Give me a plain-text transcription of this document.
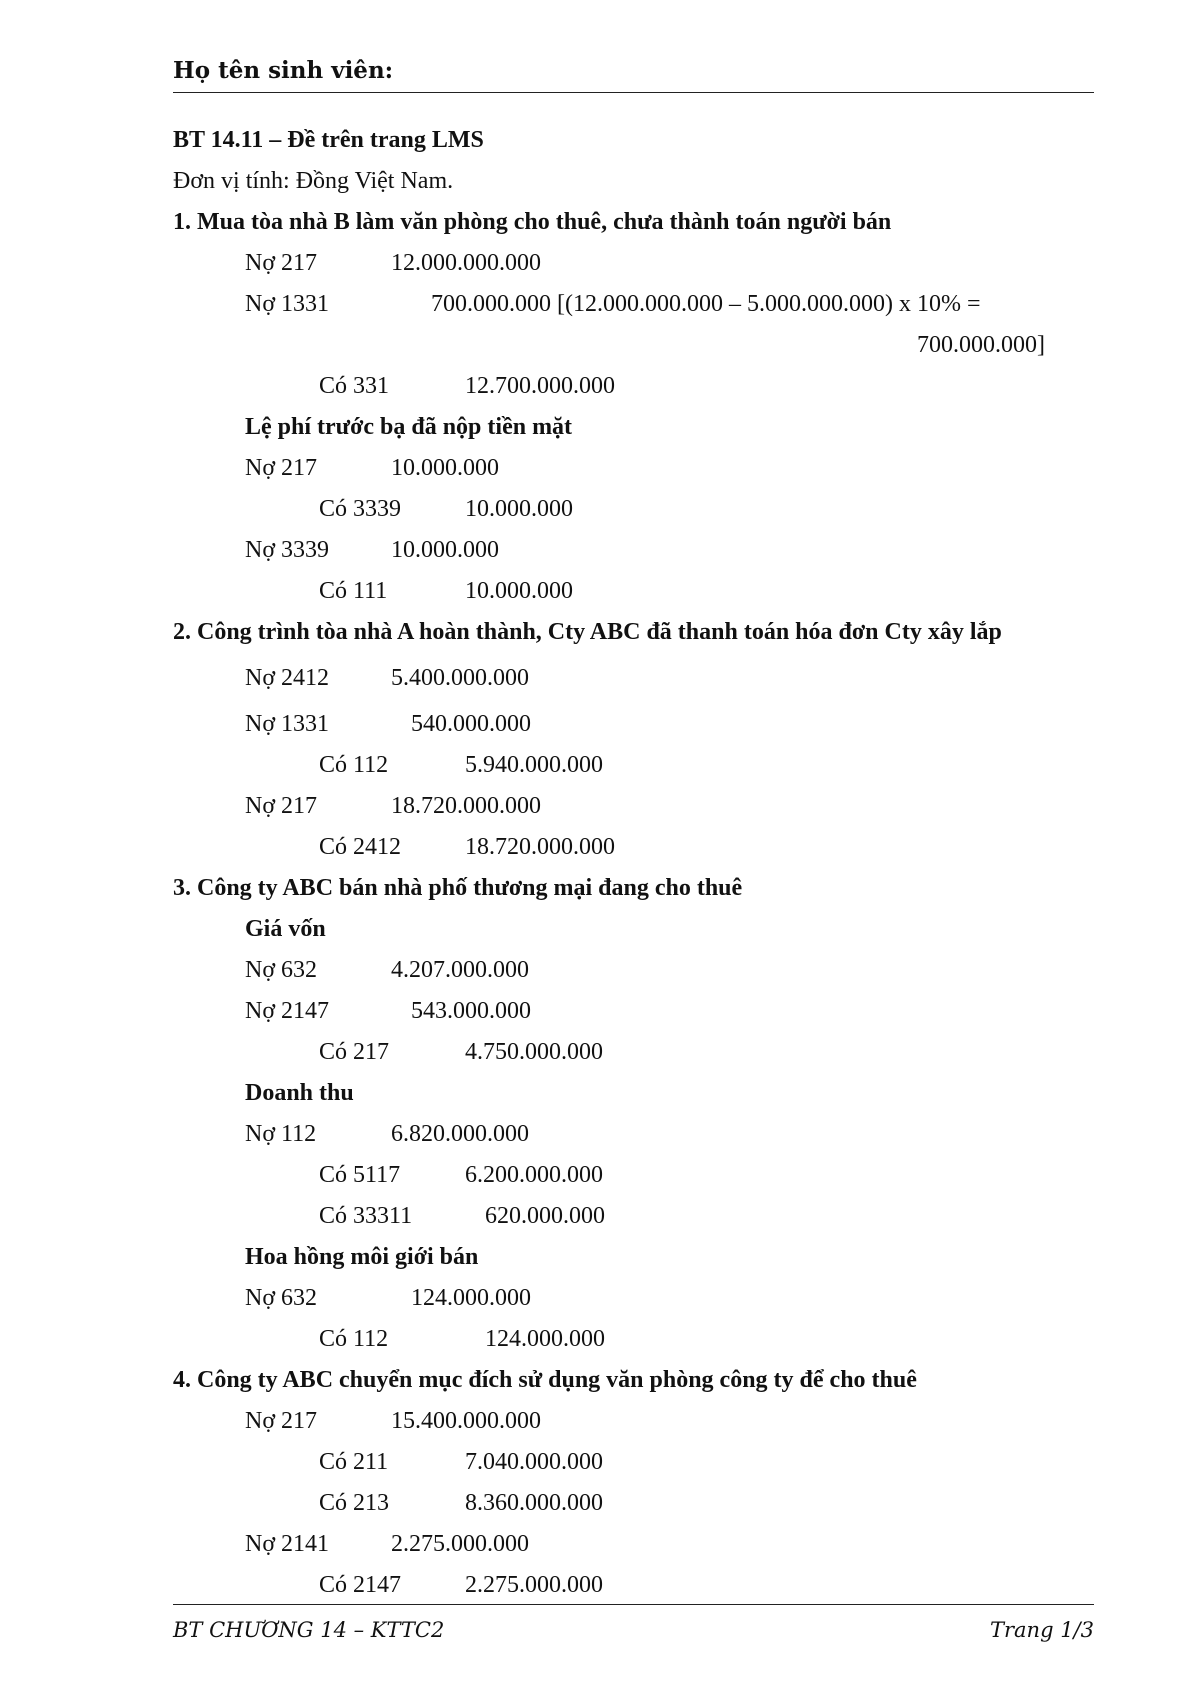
Họ tên sinh viên:
BT 14.11 – Đề trên trang LMS
Đơn vị tính: Đồng Việt Nam.
1. Mua tòa nhà B làm văn phòng cho thuê, chưa thành toán người bán
Nợ 217	12.000.000.000
Nợ 1331	700.000.000 [(12.000.000.000 – 5.000.000.000) x 10% =
700.000.000]
Có 331	12.700.000.000
Lệ phí trước bạ đã nộp tiền mặt
Nợ 217	10.000.000
Có 3339	10.000.000
Nợ 3339	10.000.000
Có 111	10.000.000
2. Công trình tòa nhà A hoàn thành, Cty ABC đã thanh toán hóa đơn Cty xây lắp
Nợ 2412	5.400.000.000
Nợ 1331	540.000.000
Có 112	5.940.000.000
Nợ 217	18.720.000.000
Có 2412	18.720.000.000
3. Công ty ABC bán nhà phố thương mại đang cho thuê
Giá vốn
Nợ 632	4.207.000.000
Nợ 2147	543.000.000
Có 217	4.750.000.000
Doanh thu
Nợ 112	6.820.000.000
Có 5117	6.200.000.000
Có 33311	620.000.000
Hoa hồng môi giới bán
Nợ 632	124.000.000
Có 112	124.000.000
4. Công ty ABC chuyển mục đích sử dụng văn phòng công ty để cho thuê
Nợ 217	15.400.000.000
Có 211	7.040.000.000
Có 213	8.360.000.000
Nợ 2141	2.275.000.000
Có 2147	2.275.000.000
BT CHƯƠNG 14 – KTTC2	Trang 1/3
